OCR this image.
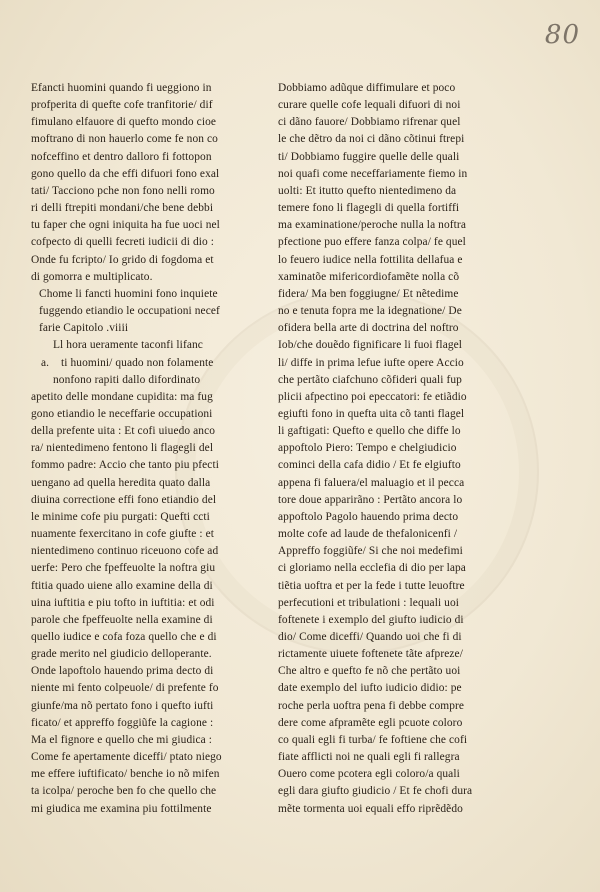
80
Efancti huomini quando fi ueggiono in
profperita di quefte cofe tranfitorie/ dif
fimulano elfauore di quefto mondo cioe
moftrano di non hauerlo come fe non co
nofceffino et dentro dalloro fi fottopon
gono quello da che effi difuori fono exal
tati/ Tacciono pche non fono nelli romo
ri delli ftrepiti mondani/che bene debbi
tu faper che ogni iniquita ha fue uoci nel
cofpecto di quelli fecreti iudicii di dio :
Onde fu fcripto/ Io grido di fogdoma et
di gomorra e multiplicato.
Chome li fancti huomini fono inquiete
fuggendo etiandio le occupationi necef
farie Capitolo .viiii
Ll hora ueramente taconfi lifanc
a. ti huomini/ quado non folamente
nonfono rapiti dallo difordinato
apetito delle mondane cupidita: ma fug
gono etiandio le neceffarie occupationi
della prefente uita : Et cofi uiuedo anco
ra/ nientedimeno fentono li flagegli del
fommo padre: Accio che tanto piu pfecti
uengano ad quella heredita quato dalla
diuina correctione effi fono etiandio del
le minime cofe piu purgati: Quefti ccti
nuamente fexercitano in cofe giufte : et
nientedimeno continuo riceuono cofe ad
uerfe: Pero che fpeffeuolte la noftra giu
ftitia quado uiene allo examine della di
uina iuftitia e piu tofto in iuftitia: et odi
parole che fpeffeuolte nella examine di
quello iudice e cofa foza quello che e di
grade merito nel giudicio delloperante.
Onde lapoftolo hauendo prima decto di
niente mi fento colpeuole/ di prefente fo
giunfe/ma nõ pertato fono i quefto iufti
ficato/ et appreffo foggiũfe la cagione :
Ma el fignore e quello che mi giudica :
Come fe apertamente diceffi/ ptato niego
me effere iuftificato/ benche io nõ mifen
ta icolpa/ peroche ben fo che quello che
mi giudica me examina piu fottilmente
Dobbiamo adũque diffimulare et poco
curare quelle cofe lequali difuori di noi
ci dãno fauore/ Dobbiamo rifrenar quel
le che dẽtro da noi ci dãno cõtinui ftrepi
ti/ Dobbiamo fuggire quelle delle quali
noi quafi come neceffariamente fiemo in
uolti: Et itutto quefto nientedimeno da
temere fono li flagegli di quella fortiffi
ma examinatione/peroche nulla la noftra
pfectione puo effere fanza colpa/ fe quel
lo feuero iudice nella fottilita dellafua e
xaminatõe mifericordiofamẽte nolla cõ
fidera/ Ma ben foggiugne/ Et nẽtedime
no e tenuta fopra me la idegnatione/ De
ofidera bella arte di doctrina del noftro
Iob/che douẽdo fignificare li fuoi flagel
li/ diffe in prima lefue iufte opere Accio
che pertãto ciafchuno cõfideri quali fup
plicii afpectino poi epeccatori: fe etiãdio
egiufti fono in quefta uita cõ tanti flagel
li gaftigati: Quefto e quello che diffe lo
appoftolo Piero: Tempo e chelgiudicio
cominci della cafa didio / Et fe elgiufto
appena fi faluera/el maluagio et il pecca
tore doue apparirãno : Pertãto ancora lo
appoftolo Pagolo hauendo prima decto
molte cofe ad laude de thefalonicenfi /
Appreffo foggiũfe/ Si che noi medefimi
ci gloriamo nella ecclefia di dio per lapa
tiẽtia uoftra et per la fede i tutte leuoftre
perfecutioni et tribulationi : lequali uoi
foftenete i exemplo del giufto iudicio di
dio/ Come diceffi/ Quando uoi che fi di
rictamente uiuete foftenete tãte afpreze/
Che altro e quefto fe nõ che pertãto uoi
date exemplo del iufto iudicio didio: pe
roche perla uoftra pena fi debbe compre
dere come afpramẽte egli pcuote coloro
co quali egli fi turba/ fe foftiene che cofi
fiate afflicti noi ne quali egli fi rallegra
Ouero come pcotera egli coloro/a quali
egli dara giufto giudicio / Et fe chofi dura
mẽte tormenta uoi equali effo riprẽdẽdo
